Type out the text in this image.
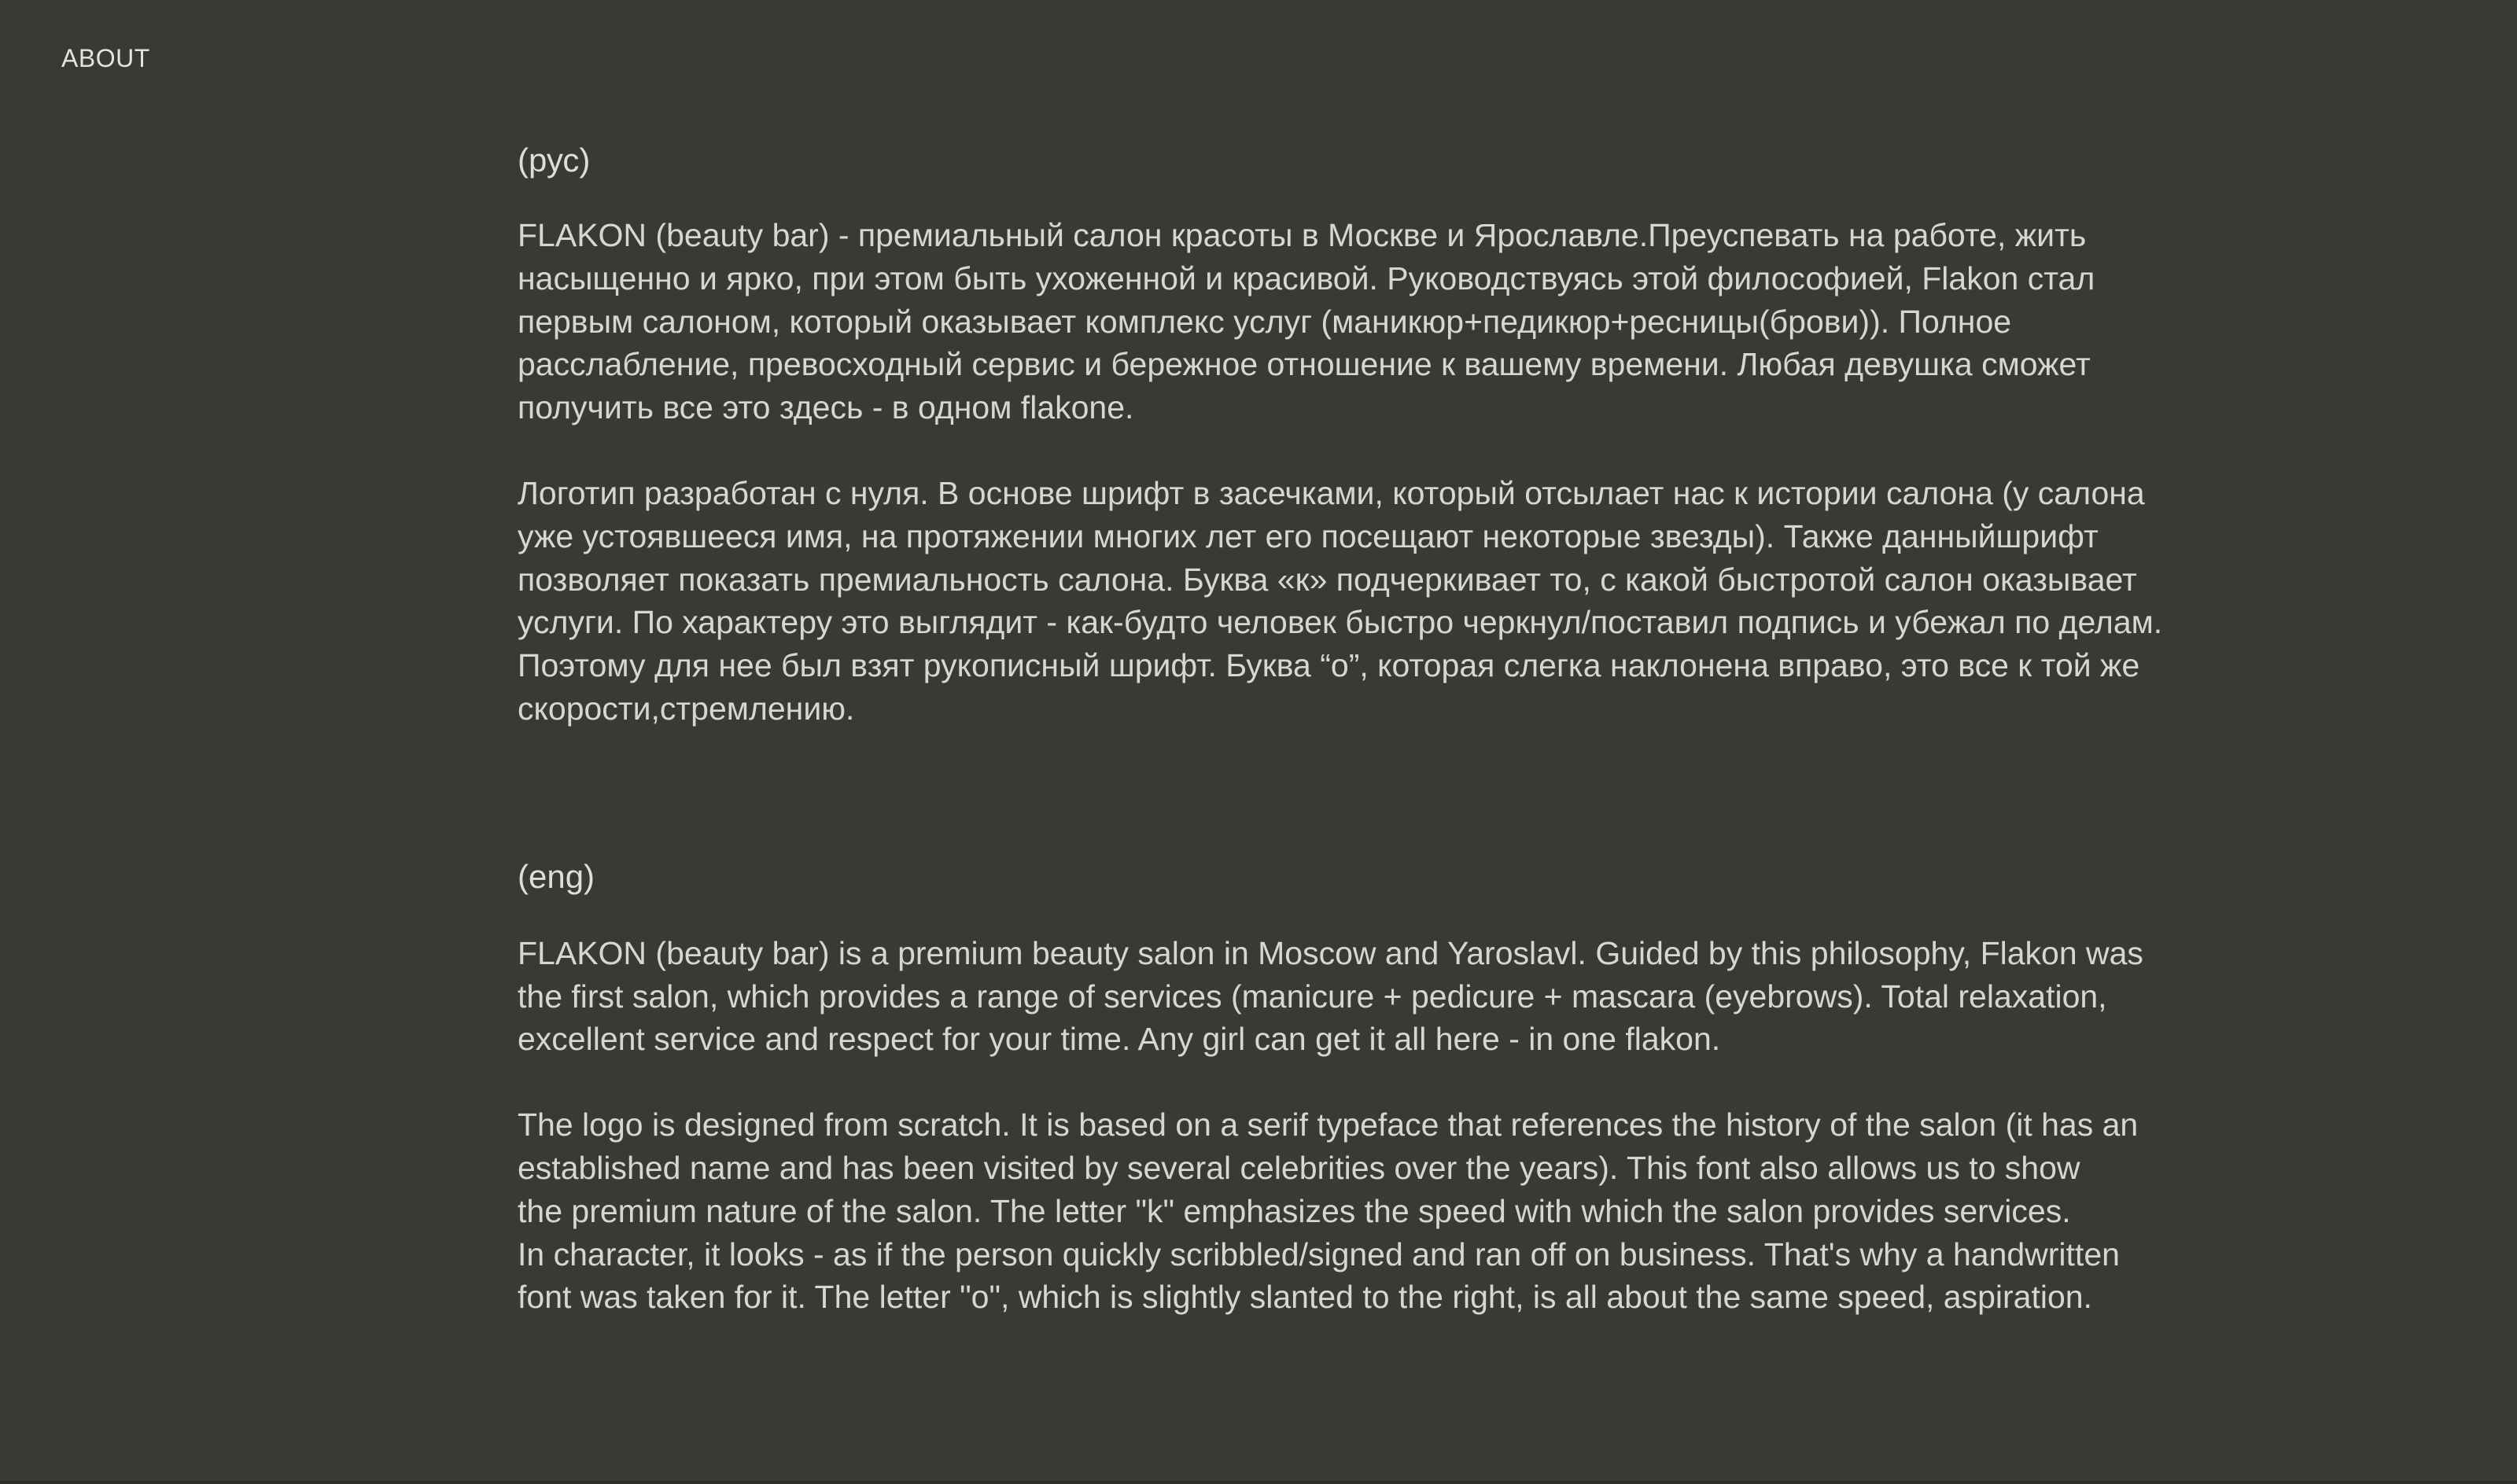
ABOUT
(рус)

FLAKON (beauty bar) - премиальный салон красоты в Москве и Ярославле.Преуспевать на работе, жить
насыщенно и ярко, при этом быть ухоженной и красивой. Руководствуясь этой философией, Flakon стал
первым салоном, который оказывает комплекс услуг (маникюр+педикюр+ресницы(брови)). Полное
расслабление, превосходный сервис и бережное отношение к вашему времени. Любая девушка сможет
получить все это здесь - в одном flakone.

Логотип разработан с нуля. В основе шрифт в засечками, который отсылает нас к истории салона (у салона
уже устоявшееся имя, на протяжении многих лет его посещают некоторые звезды). Также данныйшрифт
позволяет показать премиальность салона. Буква «к» подчеркивает то, с какой быстротой салон оказывает
услуги. По характеру это выглядит - как-будто человек быстро черкнул/поставил подпись и убежал по делам.
Поэтому для нее был взят рукописный шрифт. Буква “о”, которая слегка наклонена вправо, это все к той же
скорости,стремлению.

(eng)

FLAKON (beauty bar) is a premium beauty salon in Moscow and Yaroslavl. Guided by this philosophy, Flakon was
the first salon, which provides a range of services (manicure + pedicure + mascara (eyebrows). Total relaxation,
excellent service and respect for your time. Any girl can get it all here - in one flakon.

The logo is designed from scratch. It is based on a serif typeface that references the history of the salon (it has an
established name and has been visited by several celebrities over the years). This font also allows us to show
the premium nature of the salon. The letter "k" emphasizes the speed with which the salon provides services.
In character, it looks - as if the person quickly scribbled/signed and ran off on business. That's why a handwritten
font was taken for it. The letter "o", which is slightly slanted to the right, is all about the same speed, aspiration.
